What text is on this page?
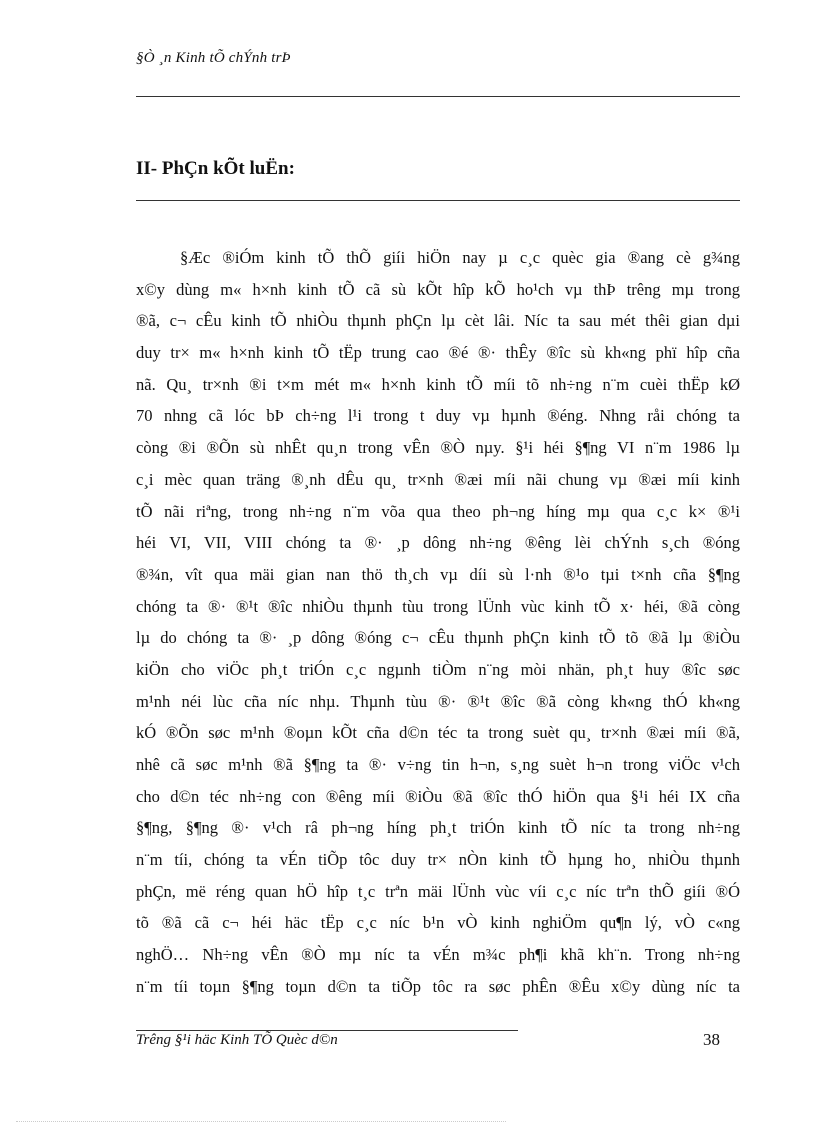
§Ò ¸n Kinh tÕ chÝnh trÞ
II- PhÇn kÕt luËn:
§Æc ®iÓm kinh tÕ thÕ giíi hiÖn nay µ c¸c quèc gia ®ang cè g¾ng
x©y dùng m« h×nh kinh tÕ cã sù kÕt hîp kÕ ho¹ch vµ thÞ trêng mµ trong
®ã, c¬ cÊu kinh tÕ nhiÒu thµnh phÇn lµ cèt lâi. Níc ta sau mét thêi gian dµi
duy tr× m« h×nh kinh tÕ tËp trung cao ®é ®· thÊy ®îc sù kh«ng phï hîp cña
nã. Qu¸ tr×nh ®i t×m mét m« h×nh kinh tÕ míi tõ nh÷ng n¨m cuèi thËp kØ
70 nhng cã lóc bÞ ch÷ng l¹i trong t duy vµ hµnh ®éng. Nhng råi chóng ta
còng ®i ®Õn sù nhÊt qu¸n trong vÊn ®Ò nµy. §¹i héi §¶ng VI n¨m 1986 lµ
c¸i mèc quan träng ®¸nh dÊu qu¸ tr×nh ®æi míi nãi chung vµ ®æi míi kinh
tÕ nãi riªng, trong nh÷ng n¨m võa qua theo ph¬ng híng mµ qua c¸c k× ®¹i
héi VI, VII, VIII chóng ta ®· ¸p dông nh÷ng ®êng lèi chÝnh s¸ch ®óng
®¾n, vît qua mäi gian nan thö th¸ch vµ díi sù l·nh ®¹o tµi t×nh cña §¶ng
chóng ta ®· ®¹t ®îc nhiÒu thµnh tùu trong lÜnh vùc kinh tÕ x· héi, ®ã còng
lµ do chóng ta ®· ¸p dông ®óng c¬ cÊu thµnh phÇn kinh tÕ tõ ®ã lµ ®iÒu
kiÖn cho viÖc ph¸t triÓn c¸c ngµnh tiÒm n¨ng mòi nhän, ph¸t huy ®îc søc
m¹nh néi lùc cña níc nhµ. Thµnh tùu ®· ®¹t ®îc ®ã còng kh«ng thÓ kh«ng
kÓ ®Õn søc m¹nh ®oµn kÕt cña d©n téc ta trong suèt qu¸ tr×nh ®æi míi ®ã,
nhê cã søc m¹nh ®ã §¶ng ta ®· v÷ng tin h¬n, s¸ng suèt h¬n trong viÖc v¹ch
cho d©n téc nh÷ng con ®êng míi ®iÒu ®ã ®îc thÓ hiÖn qua §¹i héi IX cña
§¶ng, §¶ng ®· v¹ch râ ph¬ng híng ph¸t triÓn kinh tÕ níc ta trong nh÷ng
n¨m tíi, chóng ta vÉn tiÕp tôc duy tr× nÒn kinh tÕ hµng ho¸ nhiÒu thµnh
phÇn, më réng quan hÖ hîp t¸c trªn mäi lÜnh vùc víi c¸c níc trªn thÕ giíi ®Ó
tõ ®ã cã c¬ héi häc tËp c¸c níc b¹n vÒ kinh nghiÖm qu¶n lý, vÒ c«ng
nghÖ… Nh÷ng vÊn ®Ò mµ níc ta vÉn m¾c ph¶i khã kh¨n. Trong nh÷ng
n¨m tíi toµn §¶ng toµn d©n ta tiÕp tôc ra søc phÊn ®Êu x©y dùng níc ta
Trêng §¹i häc Kinh TÕ Quèc d©n	38
